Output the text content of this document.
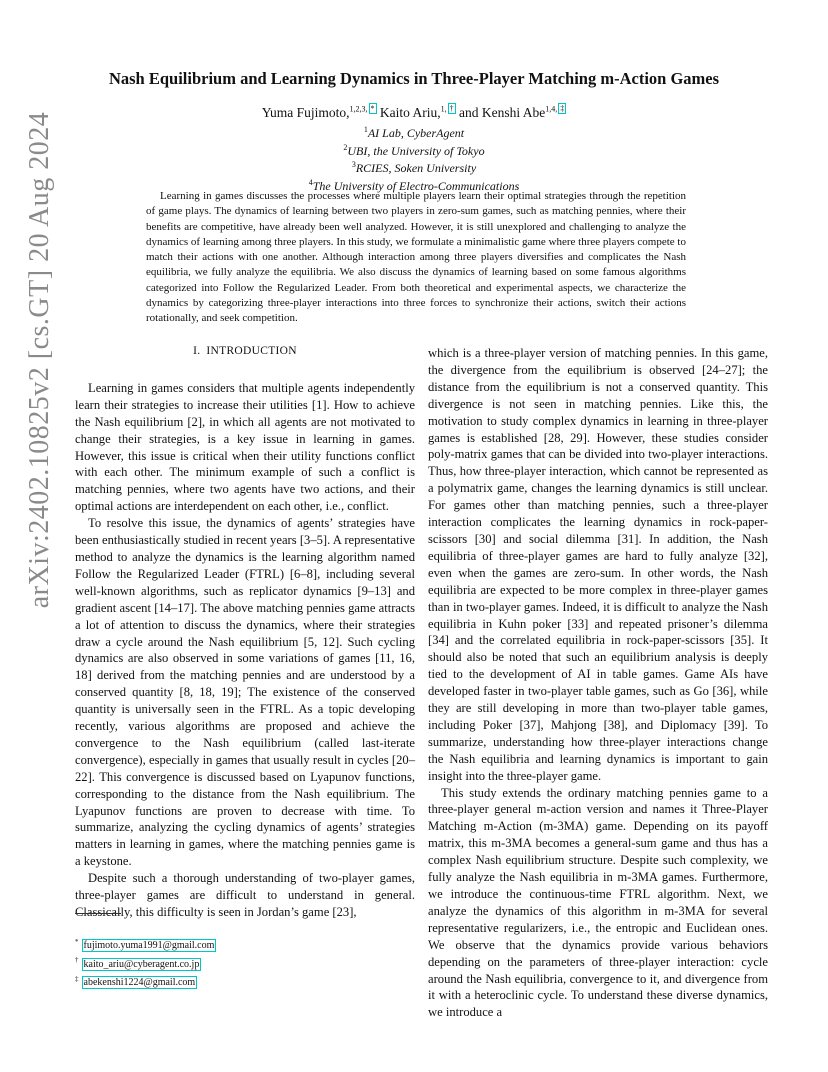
arXiv:2402.10825v2 [cs.GT] 20 Aug 2024
Nash Equilibrium and Learning Dynamics in Three-Player Matching m-Action Games
Yuma Fujimoto,$^{1,2,3,}$ * Kaito Ariu,$^{1,}$ † and Kenshi Abe$^{1,4,}$ ‡
$^1$AI Lab, CyberAgent
$^2$UBI, the University of Tokyo
$^3$RCIES, Soken University
$^4$The University of Electro-Communications
Learning in games discusses the processes where multiple players learn their optimal strategies through the repetition of game plays. The dynamics of learning between two players in zero-sum games, such as matching pennies, where their benefits are competitive, have already been well analyzed. However, it is still unexplored and challenging to analyze the dynamics of learning among three players. In this study, we formulate a minimalistic game where three players compete to match their actions with one another. Although interaction among three players diversifies and complicates the Nash equilibria, we fully analyze the equilibria. We also discuss the dynamics of learning based on some famous algorithms categorized into Follow the Regularized Leader. From both theoretical and experimental aspects, we characterize the dynamics by categorizing three-player interactions into three forces to synchronize their actions, switch their actions rotationally, and seek competition.
I. INTRODUCTION

Learning in games considers that multiple agents independently learn their strategies to increase their utilities [1]. How to achieve the Nash equilibrium [2], in which all agents are not motivated to change their strategies, is a key issue in learning in games. However, this issue is critical when their utility functions conflict with each other. The minimum example of such a conflict is matching pennies, where two agents have two actions, and their optimal actions are interdependent on each other, i.e., conflict.

To resolve this issue, the dynamics of agents’ strategies have been enthusiastically studied in recent years [3–5]. A representative method to analyze the dynamics is the learning algorithm named Follow the Regularized Leader (FTRL) [6–8], including several well-known algorithms, such as replicator dynamics [9–13] and gradient ascent [14–17]. The above matching pennies game attracts a lot of attention to discuss the dynamics, where their strategies draw a cycle around the Nash equilibrium [5, 12]. Such cycling dynamics are also observed in some variations of games [11, 16, 18] derived from the matching pennies and are understood by a conserved quantity [8, 18, 19]; The existence of the conserved quantity is universally seen in the FTRL. As a topic developing recently, various algorithms are proposed and achieve the convergence to the Nash equilibrium (called last-iterate convergence), especially in games that usually result in cycles [20–22]. This convergence is discussed based on Lyapunov functions, corresponding to the distance from the Nash equilibrium. The Lyapunov functions are proven to decrease with time. To summarize, analyzing the cycling dynamics of agents’ strategies matters in learning in games, where the matching pennies game is a keystone.

Despite such a thorough understanding of two-player games, three-player games are difficult to understand in general. Classically, this difficulty is seen in Jordan’s game [23],

which is a three-player version of matching pennies. In this game, the divergence from the equilibrium is observed [24–27]; the distance from the equilibrium is not a conserved quantity. This divergence is not seen in matching pennies. Like this, the motivation to study complex dynamics in learning in three-player games is established [28, 29]. However, these studies consider poly-matrix games that can be divided into two-player interactions. Thus, how three-player interaction, which cannot be represented as a polymatrix game, changes the learning dynamics is still unclear. For games other than matching pennies, such a three-player interaction complicates the learning dynamics in rock-paper-scissors [30] and social dilemma [31]. In addition, the Nash equilibria of three-player games are hard to fully analyze [32], even when the games are zero-sum. In other words, the Nash equilibria are expected to be more complex in three-player games than in two-player games. Indeed, it is difficult to analyze the Nash equilibria in Kuhn poker [33] and repeated prisoner’s dilemma [34] and the correlated equilibria in rock-paper-scissors [35]. It should also be noted that such an equilibrium analysis is deeply tied to the development of AI in table games. Game AIs have developed faster in two-player table games, such as Go [36], while they are still developing in more than two-player table games, including Poker [37], Mahjong [38], and Diplomacy [39]. To summarize, understanding how three-player interactions change the Nash equilibria and learning dynamics is important to gain insight into the three-player game.

This study extends the ordinary matching pennies game to a three-player general m-action version and names it Three-Player Matching m-Action (m-3MA) game. Depending on its payoff matrix, this m-3MA becomes a general-sum game and thus has a complex Nash equilibrium structure. Despite such complexity, we fully analyze the Nash equilibria in m-3MA games. Furthermore, we introduce the continuous-time FTRL algorithm. Next, we analyze the dynamics of this algorithm in m-3MA for several representative regularizers, i.e., the entropic and Euclidean ones. We observe that the dynamics provide various behaviors depending on the parameters of three-player interaction: cycle around the Nash equilibria, convergence to it, and divergence from it with a heteroclinic cycle. To understand these diverse dynamics, we introduce a

* fujimoto.yuma1991@gmail.com
† kaito_ariu@cyberagent.co.jp
‡ abekenshi1224@gmail.com
